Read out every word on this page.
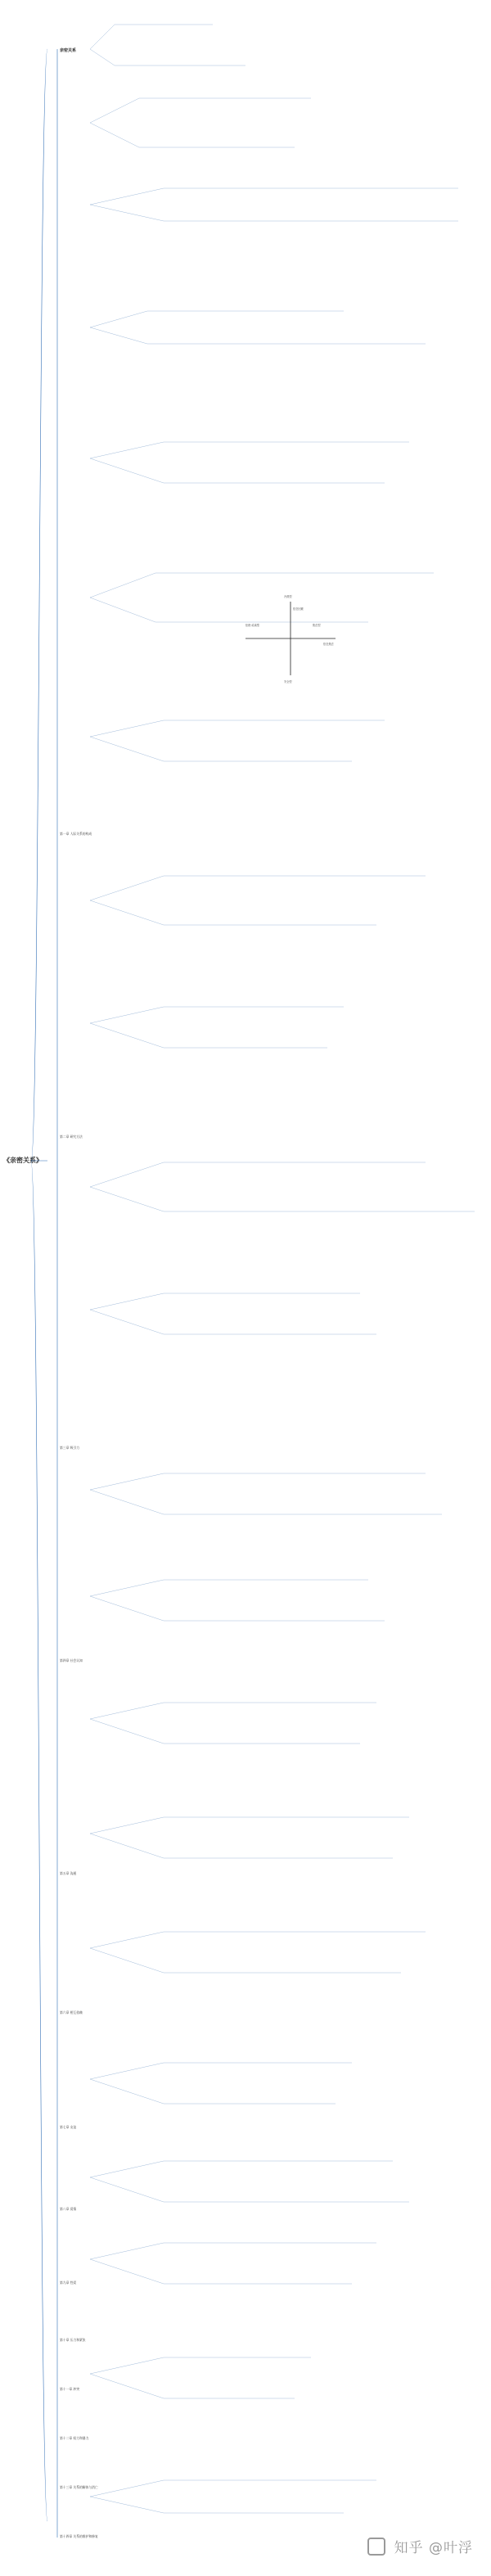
《亲密关系》
亲密关系
第一章 人际关系的构成
第二章 研究方法
第三章 吸引力
第四章 社会认知
第五章 沟通
第六章 相互依赖
第七章 友谊
第八章 爱情
第九章 性爱
第十章 压力和紧张
第十一章 冲突
第十二章 权力和暴力
第十三章 关系的解体与消亡
第十四章 关系的维护和修复
冷漠型
拒绝·疏离型	焦虑型
安全型
依恋回避
依恋焦虑
知乎 @叶浮
